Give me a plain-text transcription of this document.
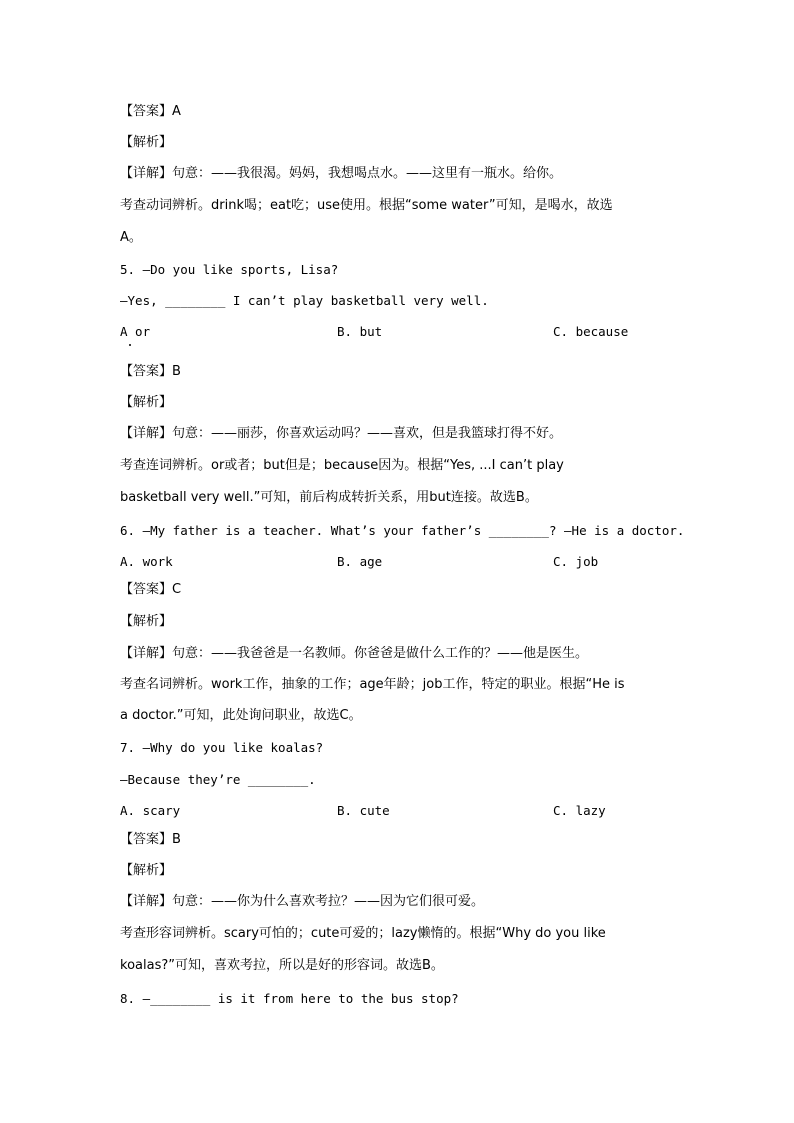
【答案】A
【解析】
【详解】句意：——我很渴。妈妈，我想喝点水。——这里有一瓶水。给你。
考查动词辨析。drink喝；eat吃；use使用。根据“some water”可知，是喝水，故选
A。
5. —Do you like sports, Lisa?
—Yes, ________ I can’t play basketball very well.
A or	B. but	C. because
【答案】B
【解析】
【详解】句意：——丽莎，你喜欢运动吗？——喜欢，但是我篮球打得不好。
考查连词辨析。or或者；but但是；because因为。根据“Yes, ...I can’t play
basketball very well.”可知，前后构成转折关系，用but连接。故选B。
6. —My father is a teacher. What’s your father’s ________? —He is a doctor.
A. work	B. age	C. job
【答案】C
【解析】
【详解】句意：——我爸爸是一名教师。你爸爸是做什么工作的？——他是医生。
考查名词辨析。work工作，抽象的工作；age年龄；job工作，特定的职业。根据“He is
a doctor.”可知，此处询问职业，故选C。
7. —Why do you like koalas?
—Because they’re ________.
A. scary	B. cute	C. lazy
【答案】B
【解析】
【详解】句意：——你为什么喜欢考拉？——因为它们很可爱。
考查形容词辨析。scary可怕的；cute可爱的；lazy懒惰的。根据“Why do you like
koalas?”可知，喜欢考拉，所以是好的形容词。故选B。
8. —________ is it from here to the bus stop?
